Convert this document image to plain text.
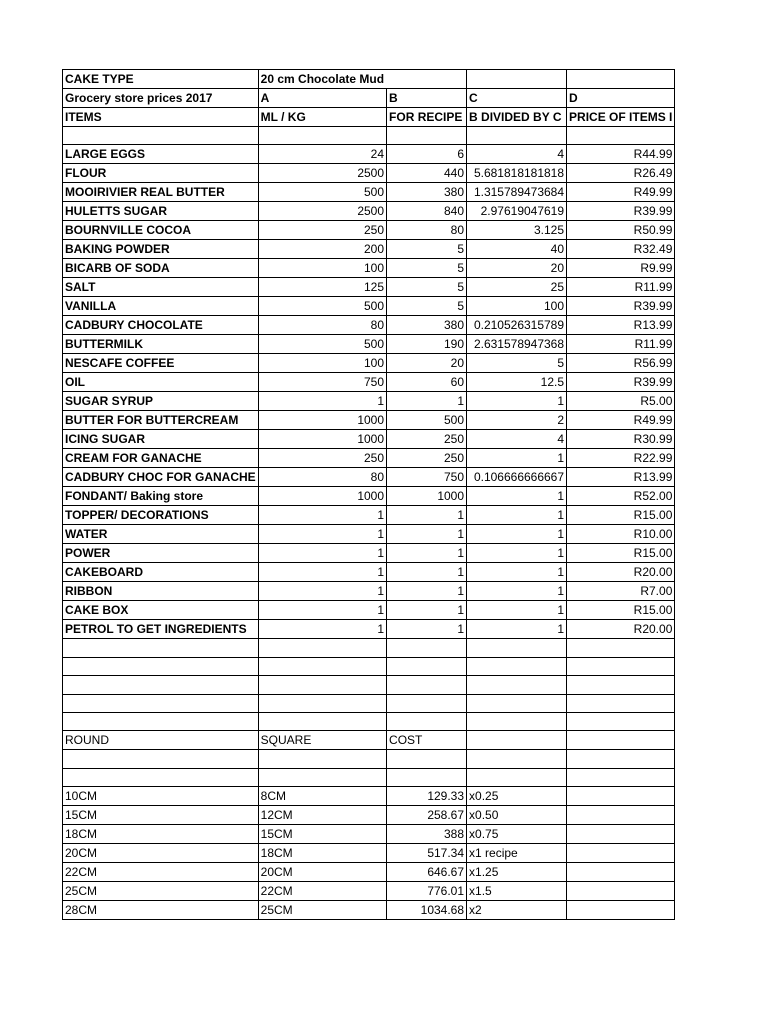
CAKE TYPE	20 cm Chocolate Mud			
Grocery store prices 2017	A	B	C	D
ITEMS	ML / KG	FOR RECIPE	B DIVIDED BY C	PRICE OF ITEMS I

LARGE EGGS	24	6	4	R44.99
FLOUR	2500	440	5.681818181818	R26.49
MOOIRIVIER REAL BUTTER	500	380	1.315789473684	R49.99
HULETTS SUGAR	2500	840	2.97619047619	R39.99
BOURNVILLE COCOA	250	80	3.125	R50.99
BAKING POWDER	200	5	40	R32.49
BICARB OF SODA	100	5	20	R9.99
SALT	125	5	25	R11.99
VANILLA	500	5	100	R39.99
CADBURY CHOCOLATE	80	380	0.210526315789	R13.99
BUTTERMILK	500	190	2.631578947368	R11.99
NESCAFE COFFEE	100	20	5	R56.99
OIL	750	60	12.5	R39.99
SUGAR SYRUP	1	1	1	R5.00
BUTTER FOR BUTTERCREAM	1000	500	2	R49.99
ICING SUGAR	1000	250	4	R30.99
CREAM FOR GANACHE	250	250	1	R22.99
CADBURY CHOC FOR GANACHE	80	750	0.106666666667	R13.99
FONDANT/ Baking store	1000	1000	1	R52.00
TOPPER/ DECORATIONS	1	1	1	R15.00
WATER	1	1	1	R10.00
POWER	1	1	1	R15.00
CAKEBOARD	1	1	1	R20.00
RIBBON	1	1	1	R7.00
CAKE BOX	1	1	1	R15.00
PETROL TO GET INGREDIENTS	1	1	1	R20.00

ROUND	SQUARE	COST		

10CM	8CM	129.33	x0.25	
15CM	12CM	258.67	x0.50	
18CM	15CM	388	x0.75	
20CM	18CM	517.34	x1 recipe	
22CM	20CM	646.67	x1.25	
25CM	22CM	776.01	x1.5	
28CM	25CM	1034.68	x2	
